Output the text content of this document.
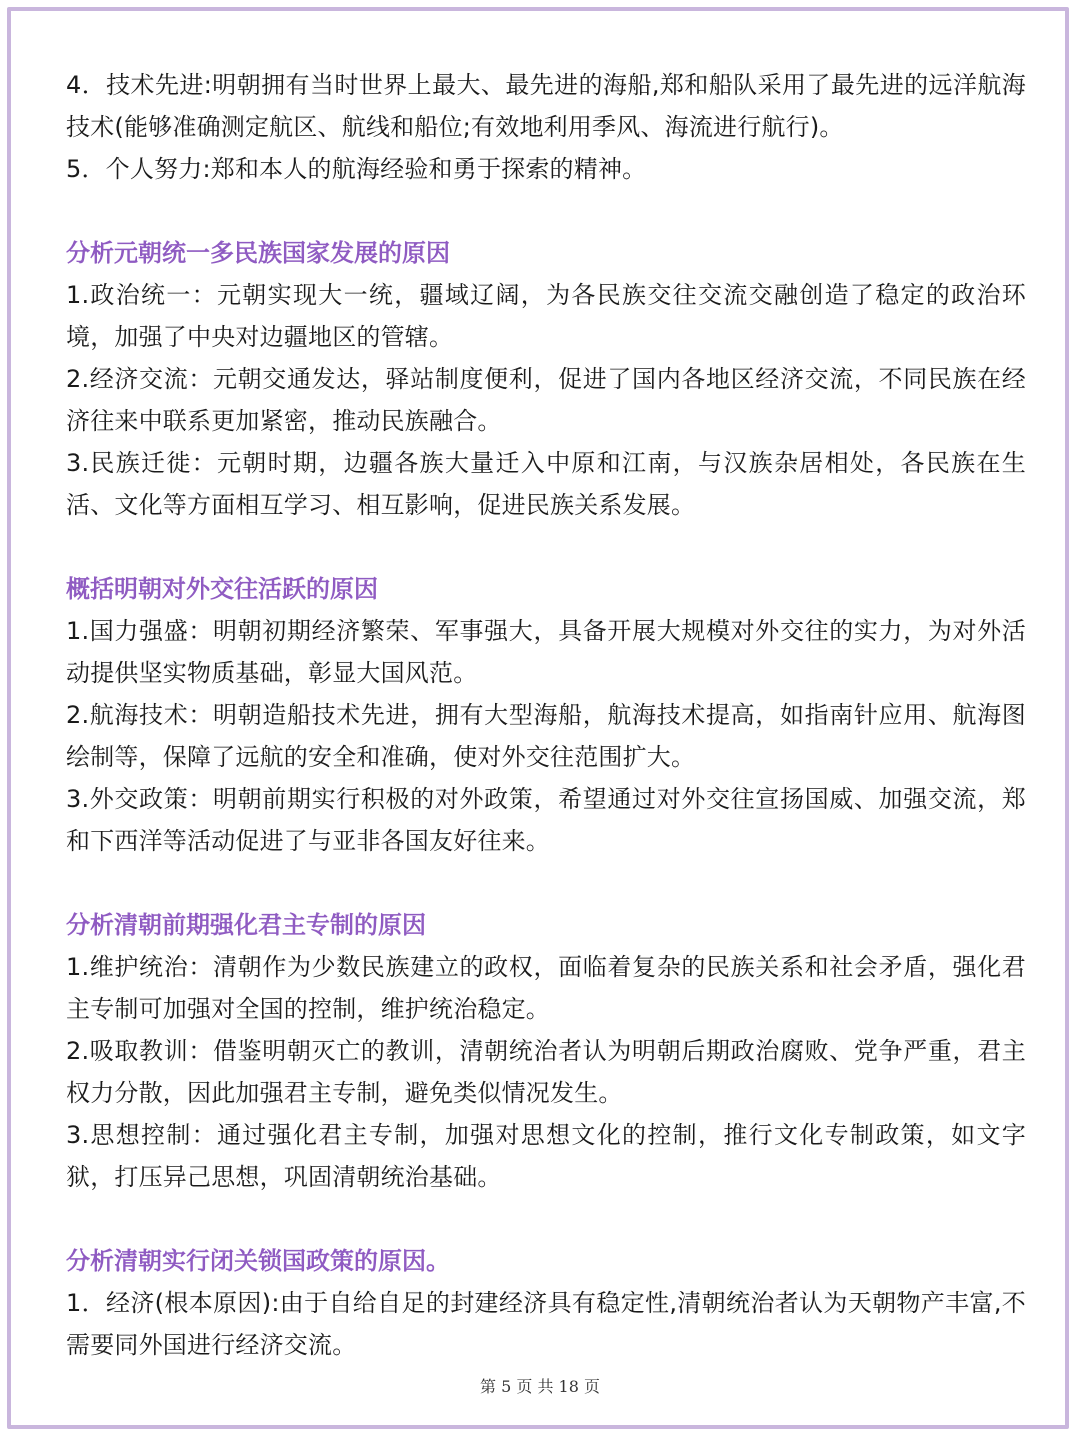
4．技术先进:明朝拥有当时世界上最大、最先进的海船,郑和船队采用了最先进的远洋航海技术(能够准确测定航区、航线和船位;有效地利用季风、海流进行航行)。

5．个人努力:郑和本人的航海经验和勇于探索的精神。

分析元朝统一多民族国家发展的原因

1.政治统一：元朝实现大一统，疆域辽阔，为各民族交往交流交融创造了稳定的政治环境，加强了中央对边疆地区的管辖。

2.经济交流：元朝交通发达，驿站制度便利，促进了国内各地区经济交流，不同民族在经济往来中联系更加紧密，推动民族融合。

3.民族迁徙：元朝时期，边疆各族大量迁入中原和江南，与汉族杂居相处，各民族在生活、文化等方面相互学习、相互影响，促进民族关系发展。

概括明朝对外交往活跃的原因

1.国力强盛：明朝初期经济繁荣、军事强大，具备开展大规模对外交往的实力，为对外活动提供坚实物质基础，彰显大国风范。

2.航海技术：明朝造船技术先进，拥有大型海船，航海技术提高，如指南针应用、航海图绘制等，保障了远航的安全和准确，使对外交往范围扩大。

3.外交政策：明朝前期实行积极的对外政策，希望通过对外交往宣扬国威、加强交流，郑和下西洋等活动促进了与亚非各国友好往来。

分析清朝前期强化君主专制的原因

1.维护统治：清朝作为少数民族建立的政权，面临着复杂的民族关系和社会矛盾，强化君主专制可加强对全国的控制，维护统治稳定。

2.吸取教训：借鉴明朝灭亡的教训，清朝统治者认为明朝后期政治腐败、党争严重，君主权力分散，因此加强君主专制，避免类似情况发生。

3.思想控制：通过强化君主专制，加强对思想文化的控制，推行文化专制政策，如文字狱，打压异己思想，巩固清朝统治基础。

分析清朝实行闭关锁国政策的原因。

1．经济(根本原因):由于自给自足的封建经济具有稳定性,清朝统治者认为天朝物产丰富,不需要同外国进行经济交流。

第 5 页 共 18 页
